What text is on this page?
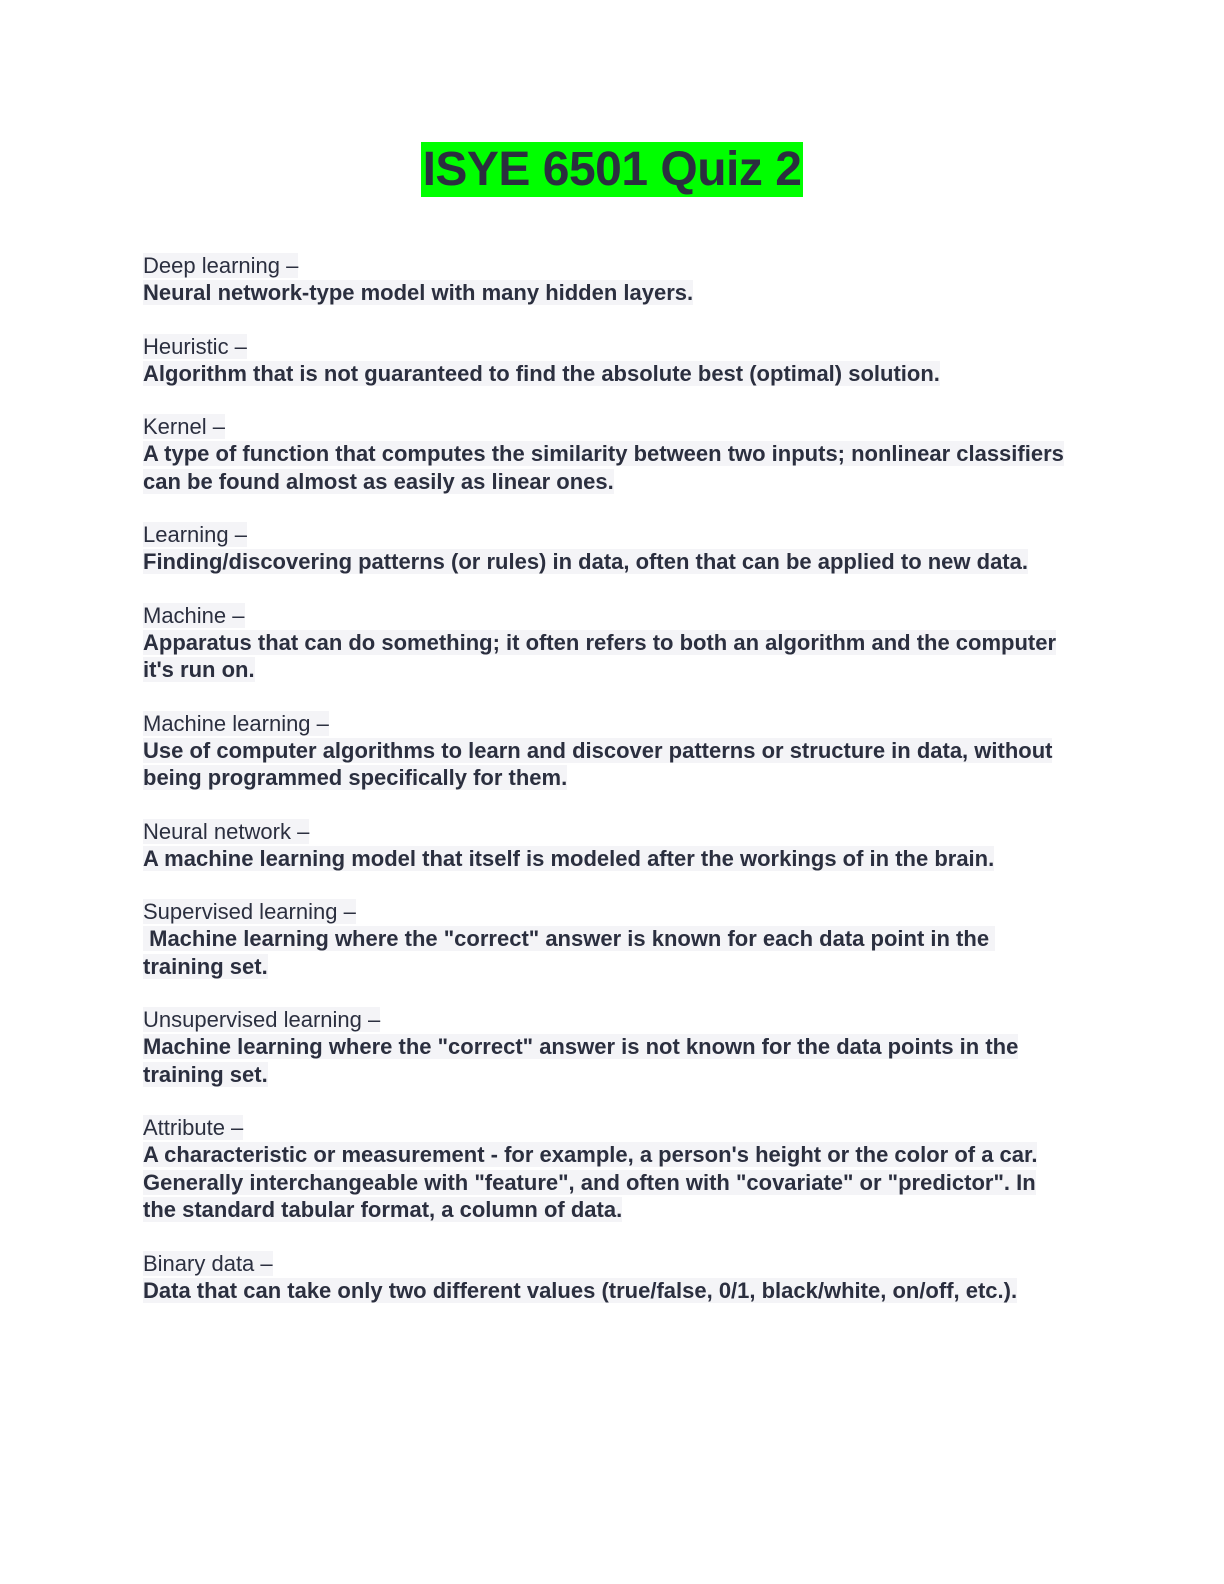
ISYE 6501 Quiz 2
Deep learning –
Neural network-type model with many hidden layers.
Heuristic –
Algorithm that is not guaranteed to find the absolute best (optimal) solution.
Kernel –
A type of function that computes the similarity between two inputs; nonlinear classifiers can be found almost as easily as linear ones.
Learning –
Finding/discovering patterns (or rules) in data, often that can be applied to new data.
Machine –
Apparatus that can do something; it often refers to both an algorithm and the computer it's run on.
Machine learning –
Use of computer algorithms to learn and discover patterns or structure in data, without being programmed specifically for them.
Neural network –
A machine learning model that itself is modeled after the workings of in the brain.
Supervised learning –
Machine learning where the "correct" answer is known for each data point in the training set.
Unsupervised learning –
Machine learning where the "correct" answer is not known for the data points in the training set.
Attribute –
A characteristic or measurement - for example, a person's height or the color of a car. Generally interchangeable with "feature", and often with "covariate" or "predictor". In the standard tabular format, a column of data.
Binary data –
Data that can take only two different values (true/false, 0/1, black/white, on/off, etc.).
